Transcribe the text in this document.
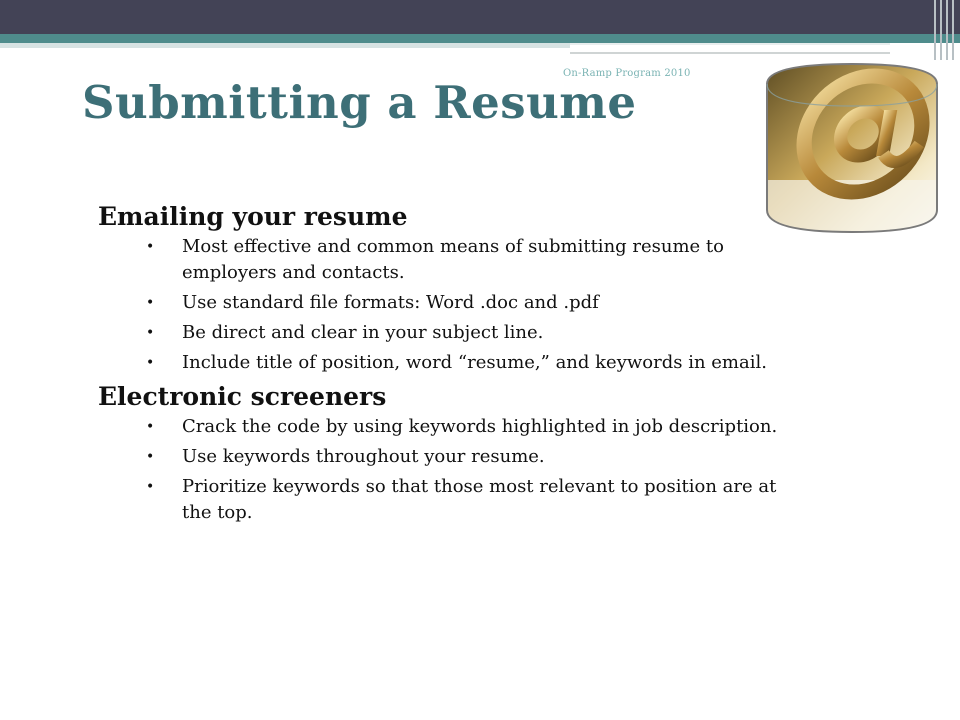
On-Ramp Program 2010
Submitting a Resume
Emailing your resume
• Most effective and common means of submitting resume to employers and contacts.
• Use standard file formats: Word .doc and .pdf
• Be direct and clear in your subject line.
• Include title of position, word “resume,” and keywords in email.
Electronic screeners
• Crack the code by using keywords highlighted in job description.
• Use keywords throughout your resume.
• Prioritize keywords so that those most relevant to position are at the top.
